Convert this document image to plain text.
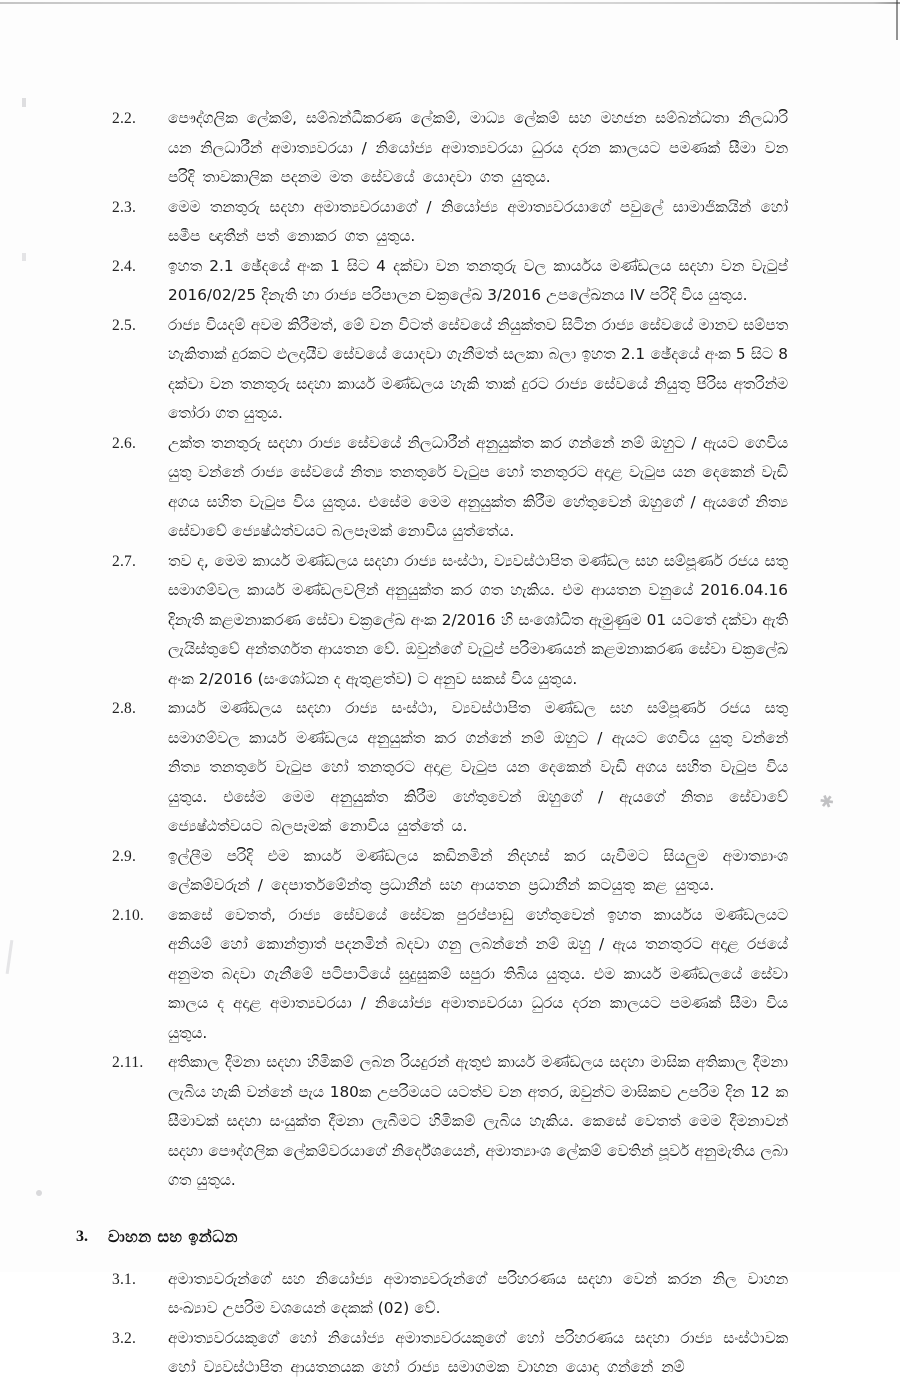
✱
2.2.	පෞද්ගලික ලේකම්, සම්බන්ධීකරණ ලේකම්, මාධ්‍ය ලේකම් සහ මහජන සම්බන්ධතා නිලධාරි යන නිලධාරීන් අමාත්‍යවරයා / නියෝජ්‍ය අමාත්‍යවරයා ධුරය දරන කාලයට පමණක් සීමා වන පරිදි තාවකාලික පදනම මත සේවයේ යොදවා ගත යුතුය.
2.3.	මෙම තනතුරු සදහා අමාත්‍යවරයාගේ / නියෝජ්‍ය අමාත්‍යවරයාගේ පවුලේ සාමාජිකයින් හෝ සමීප ඥාතීන් පත් නොකර ගත යුතුය.
2.4.	ඉහත 2.1 ඡේදයේ අංක 1 සිට 4 දක්වා වන තනතුරු වල කාර්යය මණ්ඩලය සදහා වන වැටුප් 2016/02/25 දිනැති හා රාජ්‍ය පරිපාලන චක්‍රලේඛ 3/2016 උපලේඛනය IV පරිදි විය යුතුය.
2.5.	රාජ්‍ය වියදම් අවම කිරීමත්, මේ වන විටත් සේවයේ නියුක්තව සිටින රාජ්‍ය සේවයේ මානව සම්පත හැකිතාක් දුරකට ඵලදායීව සේවයේ යොදවා ගැනීමත් සලකා බලා ඉහත 2.1 ඡේදයේ අංක 5 සිට 8 දක්වා වන තනතුරු සදහා කාර්ය මණ්ඩලය හැකි තාක් දුරට රාජ්‍ය සේවයේ නියුතු පිරිස අතරින්ම තෝරා ගත යුතුය.
2.6.	උක්ත තනතුරු සදහා රාජ්‍ය සේවයේ නිලධාරීන් අනුයුක්ත කර ගන්නේ නම් ඔහුට / ඇයට ගෙවිය යුතු වන්නේ රාජ්‍ය සේවයේ නිත්‍ය තනතුරේ වැටුප හෝ තනතුරට අදාළ වැටුප යන දෙකෙන් වැඩි අගය සහිත වැටුප විය යුතුය. එසේම මෙම අනුයුක්ත කිරීම හේතුවෙන් ඔහුගේ / ඇයගේ නිත්‍ය සේවාවේ ජ්‍යෙෂ්ඨත්වයට බලපෑමක් නොවිය යුත්තේය.
2.7.	තව ද, මෙම කාර්ය මණ්ඩලය සදහා රාජ්‍ය සංස්ථා, ව්‍යවස්ථාපිත මණ්ඩල සහ සම්පූර්ණ රජය සතු සමාගම්වල කාර්ය මණ්ඩලවලින් අනුයුක්ත කර ගත හැකිය. එම ආයතන වනුයේ 2016.04.16 දිනැති කළමනාකරණ සේවා චක්‍රලේඛ අංක 2/2016 හි සංශෝධිත ඇමුණුම 01 යටතේ දක්වා ඇති ලැයිස්තුවේ අන්තර්ගත ආයතන වේ. ඔවුන්ගේ වැටුප් පරිමාණයන් කළමනාකරණ සේවා චක්‍රලේඛ අංක 2/2016 (සංශෝධන ද ඇතුළත්ව) ට අනුව සකස් විය යුතුය.
2.8.	කාර්ය මණ්ඩලය සදහා රාජ්‍ය සංස්ථා, ව්‍යවස්ථාපිත මණ්ඩල සහ සම්පූර්ණ රජය සතු සමාගම්වල කාර්ය මණ්ඩලය අනුයුක්ත කර ගන්නේ නම් ඔහුට / ඇයට ගෙවිය යුතු වන්නේ නිත්‍ය තනතුරේ වැටුප හෝ තනතුරට අදාළ වැටුප යන දෙකෙන් වැඩි අගය සහිත වැටුප විය යුතුය. එසේම මෙම අනුයුක්ත කිරීම හේතුවෙන් ඔහුගේ / ඇයගේ නිත්‍ය සේවාවේ ජ්‍යෙෂ්ඨත්වයට බලපෑමක් නොවිය යුත්තේ ය.
2.9.	ඉල්ලීම පරිදි එම කාර්ය මණ්ඩලය කඩිනමින් නිදහස් කර යැවීමට සියලුම අමාත්‍යාංශ ලේකම්වරුන් / දෙපාර්තමේන්තු ප්‍රධානීන් සහ ආයතන ප්‍රධානීන් කටයුතු කළ යුතුය.
2.10.	කෙසේ වෙතත්, රාජ්‍ය සේවයේ සේවක පුරප්පාඩු හේතුවෙන් ඉහත කාර්යය මණ්ඩලයට අනියම් හෝ කොන්ත්‍රාත් පදනමින් බදවා ගනු ලබන්නේ නම් ඔහු / ඇය තනතුරට අදාළ රජයේ අනුමත බදවා ගැනීමේ පටිපාටියේ සුදුසුකම් සපුරා තිබිය යුතුය. එම කාර්ය මණ්ඩලයේ සේවා කාලය ද අදාළ අමාත්‍යවරයා / නියෝජ්‍ය අමාත්‍යවරයා ධුරය දරන කාලයට පමණක් සීමා විය යුතුය.
2.11.	අතිකාල දීමනා සදහා හිමිකම් ලබන රියදුරන් ඇතුළු කාර්ය මණ්ඩලය සදහා මාසික අතිකාල දීමනා ලැබිය හැකි වන්නේ පැය 180ක උපරිමයට යටත්ව වන අතර, ඔවුන්ට මාසිකව උපරිම දින 12 ක සීමාවක් සදහා සංයුක්ත දීමනා ලැබීමට හිමිකම් ලැබිය හැකිය. කෙසේ වෙතත් මෙම දීමනාවන් සදහා පෞද්ගලික ලේකම්වරයාගේ නිර්දේශයෙන්, අමාත්‍යාංශ ලේකම් වෙතින් පූර්ව අනුමැතිය ලබා ගත යුතුය.
3.	වාහන සහ ඉන්ධන
3.1.	අමාත්‍යවරුන්ගේ සහ නියෝජ්‍ය අමාත්‍යවරුන්ගේ පරිහරණය සදහා වෙන් කරන නිල වාහන සංඛ්‍යාව උපරිම වශයෙන් දෙකක් (02) වේ.
3.2.	අමාත්‍යවරයකුගේ හෝ නියෝජ්‍ය අමාත්‍යවරයකුගේ හෝ පරිහරණය සදහා රාජ්‍ය සංස්ථාවක හෝ ව්‍යවස්ථාපිත ආයතනයක හෝ රාජ්‍ය සමාගමක වාහන යොදා ගන්නේ නම්
